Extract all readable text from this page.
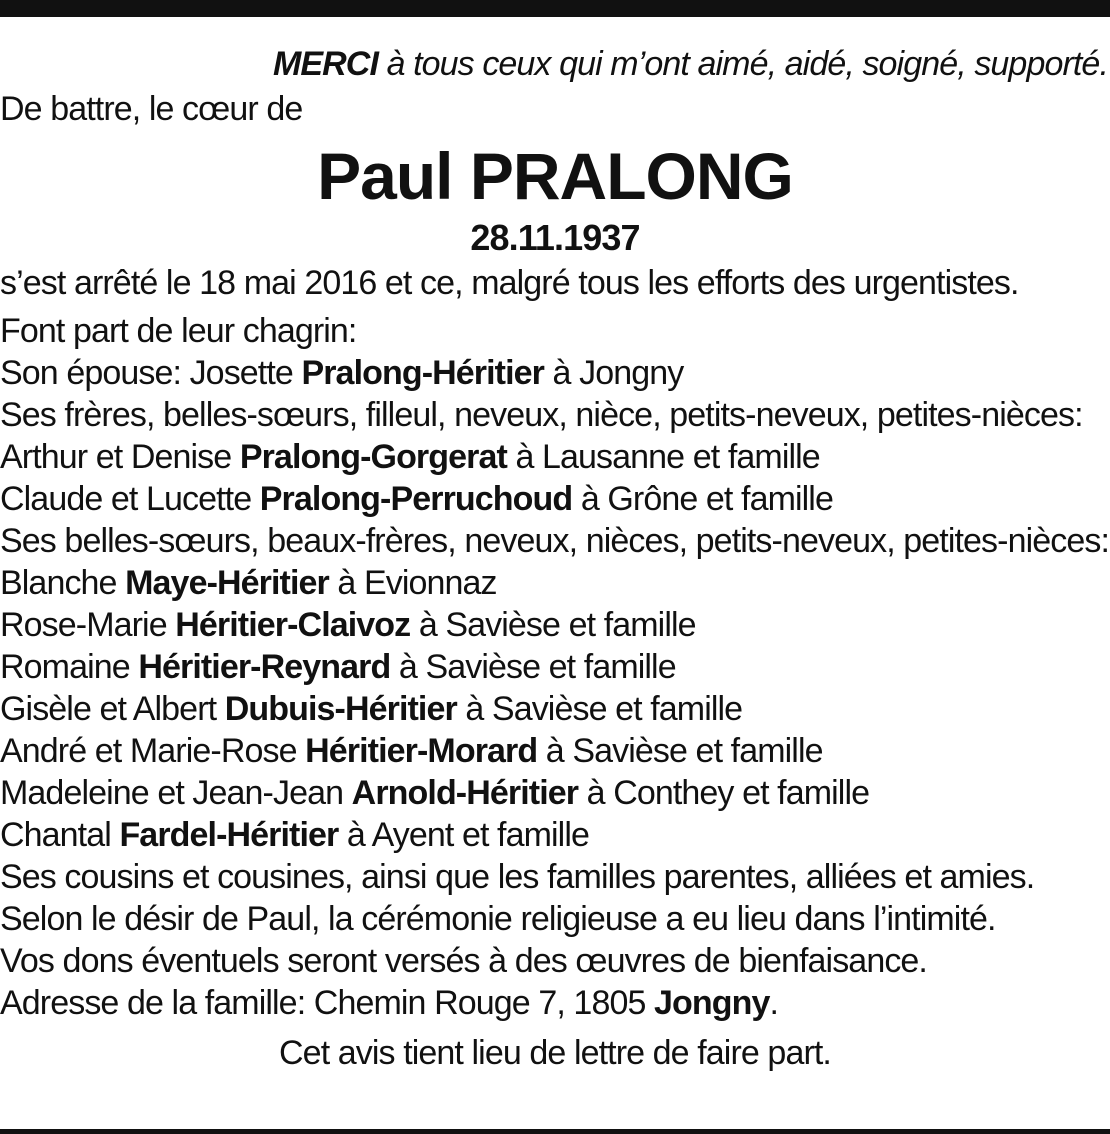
MERCI à tous ceux qui m’ont aimé, aidé, soigné, supporté.
De battre, le cœur de
Paul PRALONG
28.11.1937
s’est arrêté le 18 mai 2016 et ce, malgré tous les efforts des urgentistes.
Font part de leur chagrin:
Son épouse: Josette Pralong-Héritier à Jongny
Ses frères, belles-sœurs, filleul, neveux, nièce, petits-neveux, petites-nièces:
Arthur et Denise Pralong-Gorgerat à Lausanne et famille
Claude et Lucette Pralong-Perruchoud à Grône et famille
Ses belles-sœurs, beaux-frères, neveux, nièces, petits-neveux, petites-nièces:
Blanche Maye-Héritier à Evionnaz
Rose-Marie Héritier-Claivoz à Savièse et famille
Romaine Héritier-Reynard à Savièse et famille
Gisèle et Albert Dubuis-Héritier à Savièse et famille
André et Marie-Rose Héritier-Morard à Savièse et famille
Madeleine et Jean-Jean Arnold-Héritier à Conthey et famille
Chantal Fardel-Héritier à Ayent et famille
Ses cousins et cousines, ainsi que les familles parentes, alliées et amies.
Selon le désir de Paul, la cérémonie religieuse a eu lieu dans l’intimité.
Vos dons éventuels seront versés à des œuvres de bienfaisance.
Adresse de la famille: Chemin Rouge 7, 1805 Jongny.
Cet avis tient lieu de lettre de faire part.
